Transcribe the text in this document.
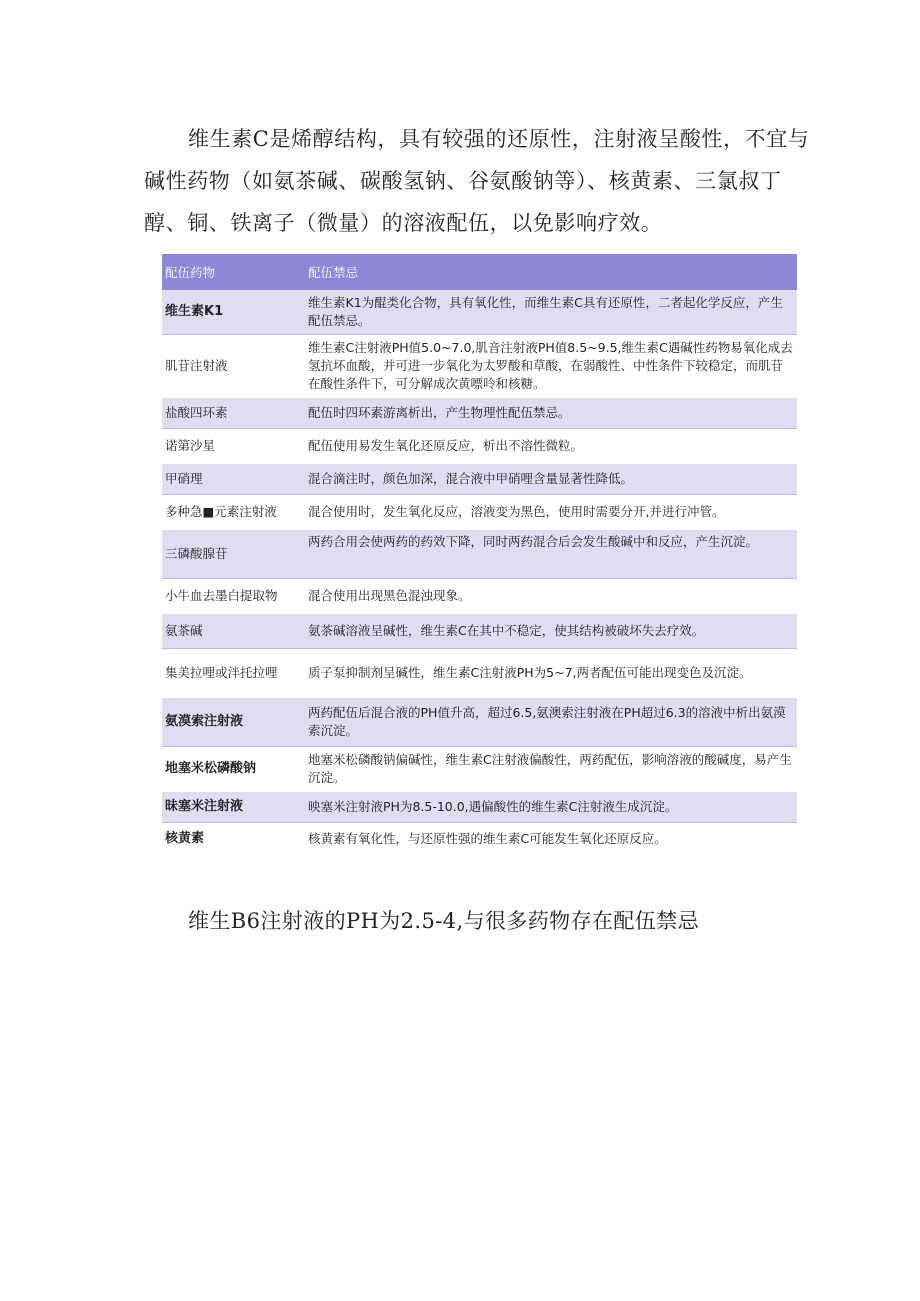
维生素C是烯醇结构，具有较强的还原性，注射液呈酸性，不宜与碱性药物（如氨茶碱、碳酸氢钠、谷氨酸钠等）、核黄素、三氯叔丁醇、铜、铁离子（微量）的溶液配伍，以免影响疗效。

配伍药物	配伍禁忌
维生素K1	维生素K1为醌类化合物，具有氧化性，而维生素C具有还原性，二者起化学反应，产生配伍禁忌。
肌苷注射液	维生素C注射液PH值5.0~7.0,肌音注射液PH值8.5~9.5,维生素C遇碱性药物易氧化成去氢抗坏血酸，并可进一步氧化为太罗酸和草酸，在弱酸性、中性条件下较稳定，而肌苷在酸性条件下，可分解成次黄嘌呤和核糖。
盐酸四环素	配伍时四环素游离析出，产生物理性配伍禁忌。
诺第沙星	配伍使用易发生氧化还原反应，析出不溶性微粒。
甲硝理	混合滴注时，颜色加深，混合液中甲硝哩含量显著性降低。
多种急■元素注射液	混合使用时，发生氧化反应，溶液变为黑色，使用时需要分开,并进行冲管。
三磷酸腺苷	两药合用会使两药的药效下降，同时两药混合后会发生酸碱中和反应，产生沉淀。
小牛血去墨白提取物	混合使用出现黑色混浊现象。
氨茶碱	氨茶碱溶液呈碱性，维生素C在其中不稳定，使其结构被破坏失去疗效。
集美拉哩或泮托拉哩	质子泵抑制剂呈碱性，维生素C注射液PH为5~7,两者配伍可能出现变色及沉淀。
氨漠索注射液	两药配伍后混合液的PH值升高，超过6.5,氨澳索注射液在PH超过6.3的溶液中析出氨漠索沉淀。
地塞米松磷酸钠	地塞米松磷酸钠偏碱性，维生素C注射液偏酸性，两药配伍，影响溶液的酸碱度，易产生沉淀。
昧塞米注射液	映塞米注射液PH为8.5-10.0,遇偏酸性的维生素C注射液生成沉淀。
核黄素	核黄素有氧化性，与还原性强的维生素C可能发生氧化还原反应。

维生B6注射液的PH为2.5-4,与很多药物存在配伍禁忌
